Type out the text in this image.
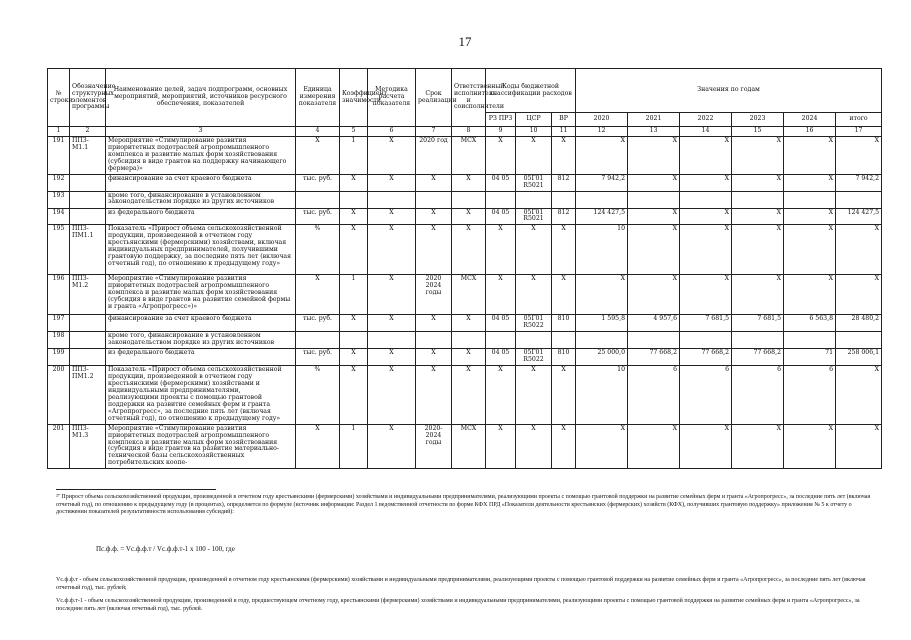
17
№ строки	Обозначение структурных элементов программы	Наименование целей, задач подпрограмм, основных мероприятий, мероприятий, источников ресурсного обеспечения, показателей	Единица измерения показателя	Коэффициент значимости	Методика расчета показателя	Срок реализации	Ответственный исполнитель и соисполнители	Коды бюджетной классификации расходов			Значения по годам					
								РЗ ПРЗ	ЦСР	ВР	2020	2021	2022	2023	2024	итого
1	2	3	4	5	6	7	8	9	10	11	12	13	14	15	16	17
191	ППЗ-М1.1	Мероприятие «Стимулирование развития приоритетных подотраслей агропромышленного комплекса и развитие малых форм хозяйствования (субсидия в виде грантов на поддержку начинающего фермера)»	X	1	X	2020 год	МСХ	X	X	X	X	X	X	X	X	X
192		финансирование за счет краевого бюджета	тыс. руб.	X	X	X	X	04 05	05Г01 R5021	812	7 942,2	X	X	X	X	7 942,2
193		кроме того, финансирование в установленном законодательством порядке из других источников														
194		из федерального бюджета	тыс. руб.	X	X	X	X	04 05	05Г01 R5021	812	124 427,5	X	X	X	X	124 427,5
195	ППЗ-ПМ1.1	Показатель «Прирост объема сельскохозяйственной продукции, произведенной в отчетном году крестьянскими (фермерскими) хозяйствами, включая индивидуальных предпринимателей, получившими грантовую поддержку, за последние пять лет (включая отчетный год), по отношению к предыдущему году»	%	X	X	X	X	X	X	X	10	X	X	X	X	X
196	ППЗ-М1.2	Мероприятие «Стимулирование развития приоритетных подотраслей агропромышленного комплекса и развитие малых форм хозяйствования (субсидия в виде грантов на развитие семейной фермы и гранта «Агропрогресс»)»	X	1	X	2020 2024 годы	МСХ	X	X	X	X	X	X	X	X	X
197		финансирование за счет краевого бюджета	тыс. руб.	X	X	X	X	04 05	05Г01 R5022	810	1 595,8	4 957,6	7 681,5	7 681,5	6 563,8	28 480,2
198		кроме того, финансирование в установленном законодательством порядке из других источников														
199		из федерального бюджета	тыс. руб.	X	X	X	X	04 05	05Г01 R5022	810	25 000,0	77 668,2	77 668,2	77 668,2	71	258 006,1
200	ППЗ-ПМ1.2	Показатель «Прирост объема сельскохозяйственной продукции, произведенной в отчетном году крестьянскими (фермерскими) хозяйствами и индивидуальными предпринимателями, реализующими проекты с помощью грантовой поддержки на развитие семейных ферм и гранта «Агропрогресс», за последние пять лет (включая отчетный год), по отношению к предыдущему году»	%	X	X	X	X	X	X	X	10	6	6	6	6	X
201	ППЗ-М1.3	Мероприятие «Стимулирование развития приоритетных подотраслей агропромышленного комплекса и развитие малых форм хозяйствования (субсидия в виде грантов на развитие материально-технической базы сельскохозяйственных потребительских коопе-	X	1	X	2020-2024 годы	МСХ	X	X	X	X	X	X	X	X	X
²⁷ Прирост объема сельскохозяйственной продукции, произведенной в отчетном году крестьянскими (фермерскими) хозяйствами и индивидуальными предпринимателями, реализующими проекты с помощью грантовой поддержки на развитие семейных ферм и гранта «Агропрогресс», за последние пять лет (включая отчетный год), по отношению к предыдущему году (в процентах), определяется по формуле (источник информации: Раздел 1 ведомственной отчетности по форме КФХ ПРД «Показатели деятельности крестьянских (фермерских) хозяйств (КФХ), получивших грантовую поддержку» приложения № 5 к отчету о достижении показателей результативности использования субсидий):
Пс.ф.ф. = Vс.ф.ф.т / Vс.ф.ф.т-1 x 100 - 100, где
Vс.ф.ф.т - объем сельскохозяйственной продукции, произведенной в отчетном году крестьянскими (фермерскими) хозяйствами и индивидуальными предпринимателями, реализующими проекты с помощью грантовой поддержки на развитие семейных ферм и гранта «Агропрогресс», за последние пять лет (включая отчетный год), тыс. рублей;
Vс.ф.ф.т-1 - объем сельскохозяйственной продукции, произведенной в году, предшествующем отчетному году, крестьянскими (фермерскими) хозяйствами и индивидуальными предпринимателями, реализующими проекты с помощью грантовой поддержки на развитие семейных ферм и гранта «Агропрогресс», за последние пять лет (включая отчетный год), тыс. рублей.
